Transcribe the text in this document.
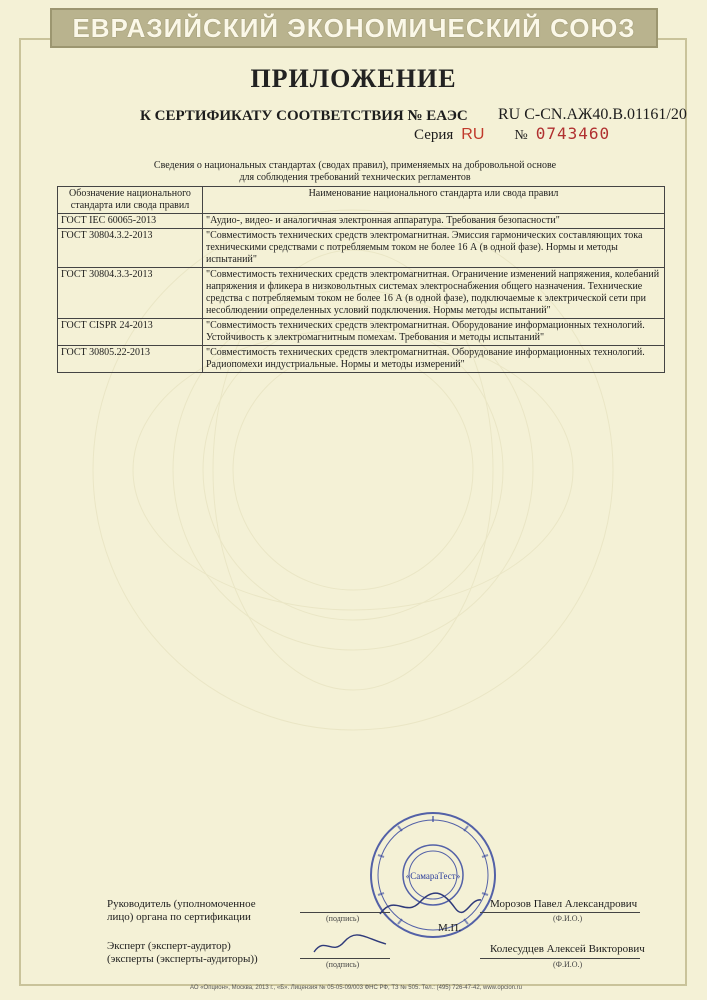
ЕВРАЗИЙСКИЙ ЭКОНОМИЧЕСКИЙ СОЮЗ
ПРИЛОЖЕНИЕ
К СЕРТИФИКАТУ СООТВЕТСТВИЯ № ЕАЭС RU C-CN.АЖ40.В.01161/20
Серия RU № 0743460
Сведения о национальных стандартах (сводах правил), применяемых на добровольной основе
для соблюдения требований технических регламентов
Обозначение национального стандарта или свода правил	Наименование национального стандарта или свода правил
ГОСТ IEC 60065-2013	"Аудио-, видео- и аналогичная электронная аппаратура. Требования безопасности"
ГОСТ 30804.3.2-2013	"Совместимость технических средств электромагнитная. Эмиссия гармонических составляющих тока техническими средствами с потребляемым током не более 16 А (в одной фазе). Нормы и методы испытаний"
ГОСТ 30804.3.3-2013	"Совместимость технических средств электромагнитная. Ограничение изменений напряжения, колебаний напряжения и фликера в низковольтных системах электроснабжения общего назначения. Технические средства с потребляемым током не более 16 А (в одной фазе), подключаемые к электрической сети при несоблюдении определенных условий подключения. Нормы методы испытаний"
ГОСТ CISPR 24-2013	"Совместимость технических средств электромагнитная. Оборудование информационных технологий. Устойчивость к электромагнитным помехам. Требования и методы испытаний"
ГОСТ 30805.22-2013	"Совместимость технических средств электромагнитная. Оборудование информационных технологий. Радиопомехи индустриальные. Нормы и методы измерений"
«СамараТест»
Руководитель (уполномоченное
лицо) органа по сертификации	(подпись)
М.П.
Морозов Павел Александрович
(Ф.И.О.)
Эксперт (эксперт-аудитор)
(эксперты (эксперты-аудиторы))	(подпись)
Колесудцев Алексей Викторович
(Ф.И.О.)
АО «Опцион», Москва, 2013 г., «Б». Лицензия № 05-05-09/003 ФНС РФ, ТЗ № 505. Тел.: (495) 726-47-42, www.opcion.ru
